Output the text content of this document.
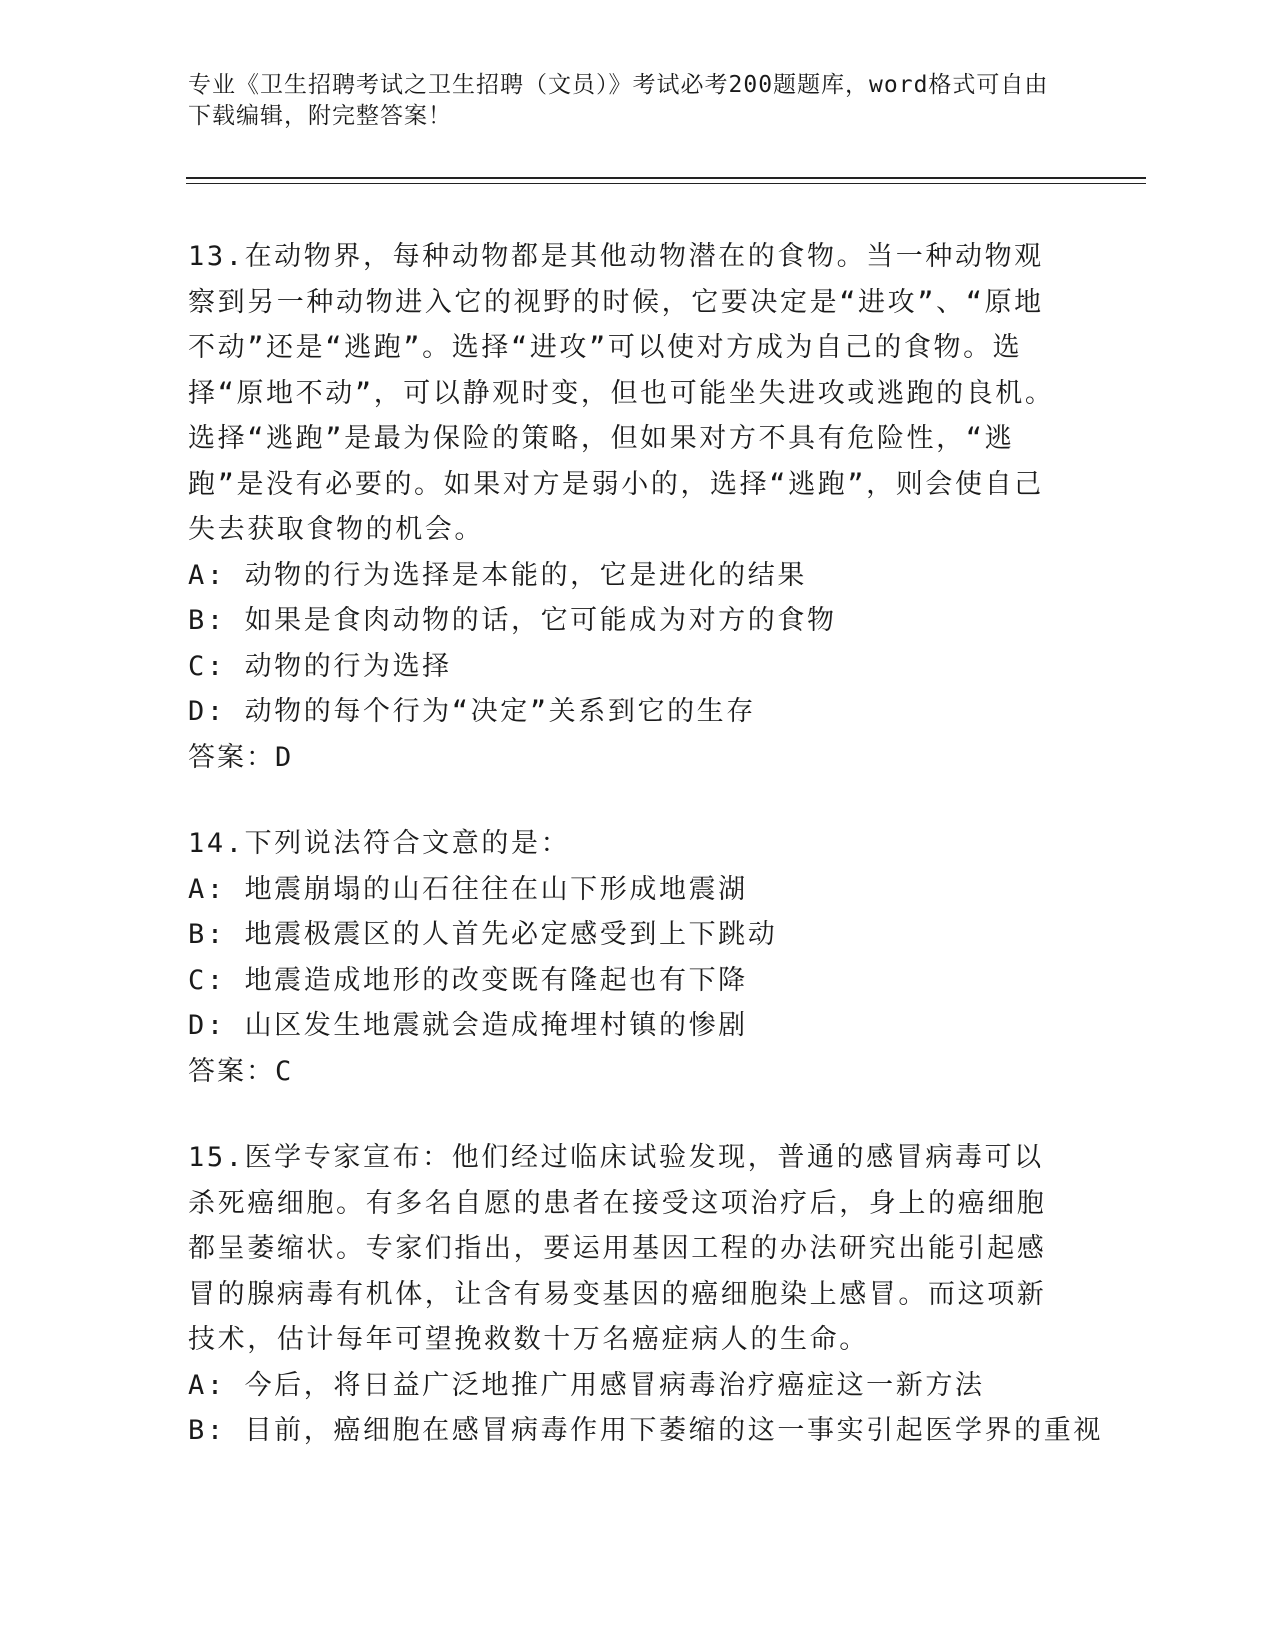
专业《卫生招聘考试之卫生招聘（文员）》考试必考200题题库，word格式可自由下载编辑，附完整答案！

13.在动物界，每种动物都是其他动物潜在的食物。当一种动物观察到另一种动物进入它的视野的时候，它要决定是“进攻”、“原地不动”还是“逃跑”。选择“进攻”可以使对方成为自己的食物。选择“原地不动”，可以静观时变，但也可能坐失进攻或逃跑的良机。选择“逃跑”是最为保险的策略，但如果对方不具有危险性，“逃跑”是没有必要的。如果对方是弱小的，选择“逃跑”，则会使自己失去获取食物的机会。

A: 动物的行为选择是本能的，它是进化的结果

B: 如果是食肉动物的话，它可能成为对方的食物

C: 动物的行为选择

D: 动物的每个行为“决定”关系到它的生存

答案：D

14.下列说法符合文意的是：

A: 地震崩塌的山石往往在山下形成地震湖

B: 地震极震区的人首先必定感受到上下跳动

C: 地震造成地形的改变既有隆起也有下降

D: 山区发生地震就会造成掩埋村镇的惨剧

答案：C

15.医学专家宣布：他们经过临床试验发现，普通的感冒病毒可以杀死癌细胞。有多名自愿的患者在接受这项治疗后，身上的癌细胞都呈萎缩状。专家们指出，要运用基因工程的办法研究出能引起感冒的腺病毒有机体，让含有易变基因的癌细胞染上感冒。而这项新技术，估计每年可望挽救数十万名癌症病人的生命。

A: 今后，将日益广泛地推广用感冒病毒治疗癌症这一新方法

B: 目前，癌细胞在感冒病毒作用下萎缩的这一事实引起医学界的重视
